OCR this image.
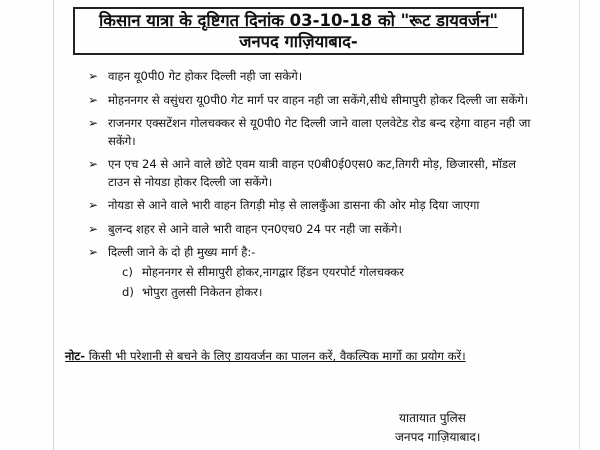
किसान यात्रा के दृष्टिगत दिनांक 03-10-18 को "रूट डायवर्जन"
जनपद गाज़ियाबाद-
➢ वाहन यू0पी0 गेट होकर दिल्ली नही जा सकेगे।
➢ मोहननगर से वसुंधरा यू0पी0 गेट मार्ग पर वाहन नही जा सकेंगे,सीधे सीमापुरी होकर दिल्ली जा सकेंगे।
➢ राजनगर एक्सटेंशन गोलचक्कर से यू0पी0 गेट दिल्ली जाने वाला एलवेटेड रोड बन्द रहेगा वाहन नही जा सकेंगे।
➢ एन एच 24 से आने वाले छोटे एवम यात्री वाहन ए0बी0ई0एस0 कट,तिगरी मोड़, छिजारसी, मॉडल टाउन से नोयडा होकर दिल्ली जा सकेंगे।
➢ नोयडा से आने वाले भारी वाहन तिगड़ी मोड़ से लालकुँआ डासना की ओर मोड़ दिया जाएगा
➢ बुलन्द शहर से आने वाले भारी वाहन एन0एच0 24 पर नही जा सकेंगे।
➢ दिल्ली जाने के दो ही मुख्य मार्ग है:-
c) मोहननगर से सीमापुरी होकर,नागद्वार हिंडन एयरपोर्ट गोलचक्कर
d) भोपुरा तुलसी निकेतन होकर।
नोट- किसी भी परेशानी से बचने के लिए डायवर्जन का पालन करें, वैकल्पिक मार्गो का प्रयोग करें।
यातायात पुलिस
जनपद गाज़ियाबाद।
